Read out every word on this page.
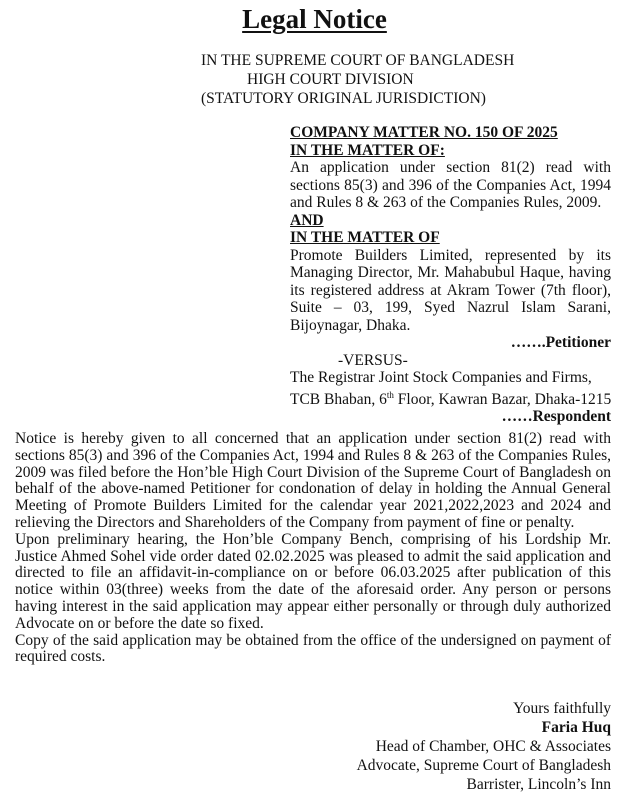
Legal Notice
IN THE SUPREME COURT OF BANGLADESH
HIGH COURT DIVISION
(STATUTORY ORIGINAL JURISDICTION)
COMPANY MATTER NO. 150 OF 2025
IN THE MATTER OF:
An application under section 81(2) read with sections 85(3) and 396 of the Companies Act, 1994 and Rules 8 & 263 of the Companies Rules, 2009.
AND
IN THE MATTER OF
Promote Builders Limited, represented by its Managing Director, Mr. Mahabubul Haque, having its registered address at Akram Tower (7th floor), Suite – 03, 199, Syed Nazrul Islam Sarani, Bijoynagar, Dhaka.
…….Petitioner
-VERSUS-
The Registrar Joint Stock Companies and Firms,
TCB Bhaban, 6th Floor, Kawran Bazar, Dhaka-1215
……Respondent

Notice is hereby given to all concerned that an application under section 81(2) read with sections 85(3) and 396 of the Companies Act, 1994 and Rules 8 & 263 of the Companies Rules, 2009 was filed before the Hon’ble High Court Division of the Supreme Court of Bangladesh on behalf of the above-named Petitioner for condonation of delay in holding the Annual General Meeting of Promote Builders Limited for the calendar year 2021,2022,2023 and 2024 and relieving the Directors and Shareholders of the Company from payment of fine or penalty.

Upon preliminary hearing, the Hon’ble Company Bench, comprising of his Lordship Mr. Justice Ahmed Sohel vide order dated 02.02.2025 was pleased to admit the said application and directed to file an affidavit-in-compliance on or before 06.03.2025 after publication of this notice within 03(three) weeks from the date of the aforesaid order. Any person or persons having interest in the said application may appear either personally or through duly authorized Advocate on or before the date so fixed.

Copy of the said application may be obtained from the office of the undersigned on payment of required costs.

Yours faithfully
Faria Huq
Head of Chamber, OHC & Associates
Advocate, Supreme Court of Bangladesh
Barrister, Lincoln’s Inn
